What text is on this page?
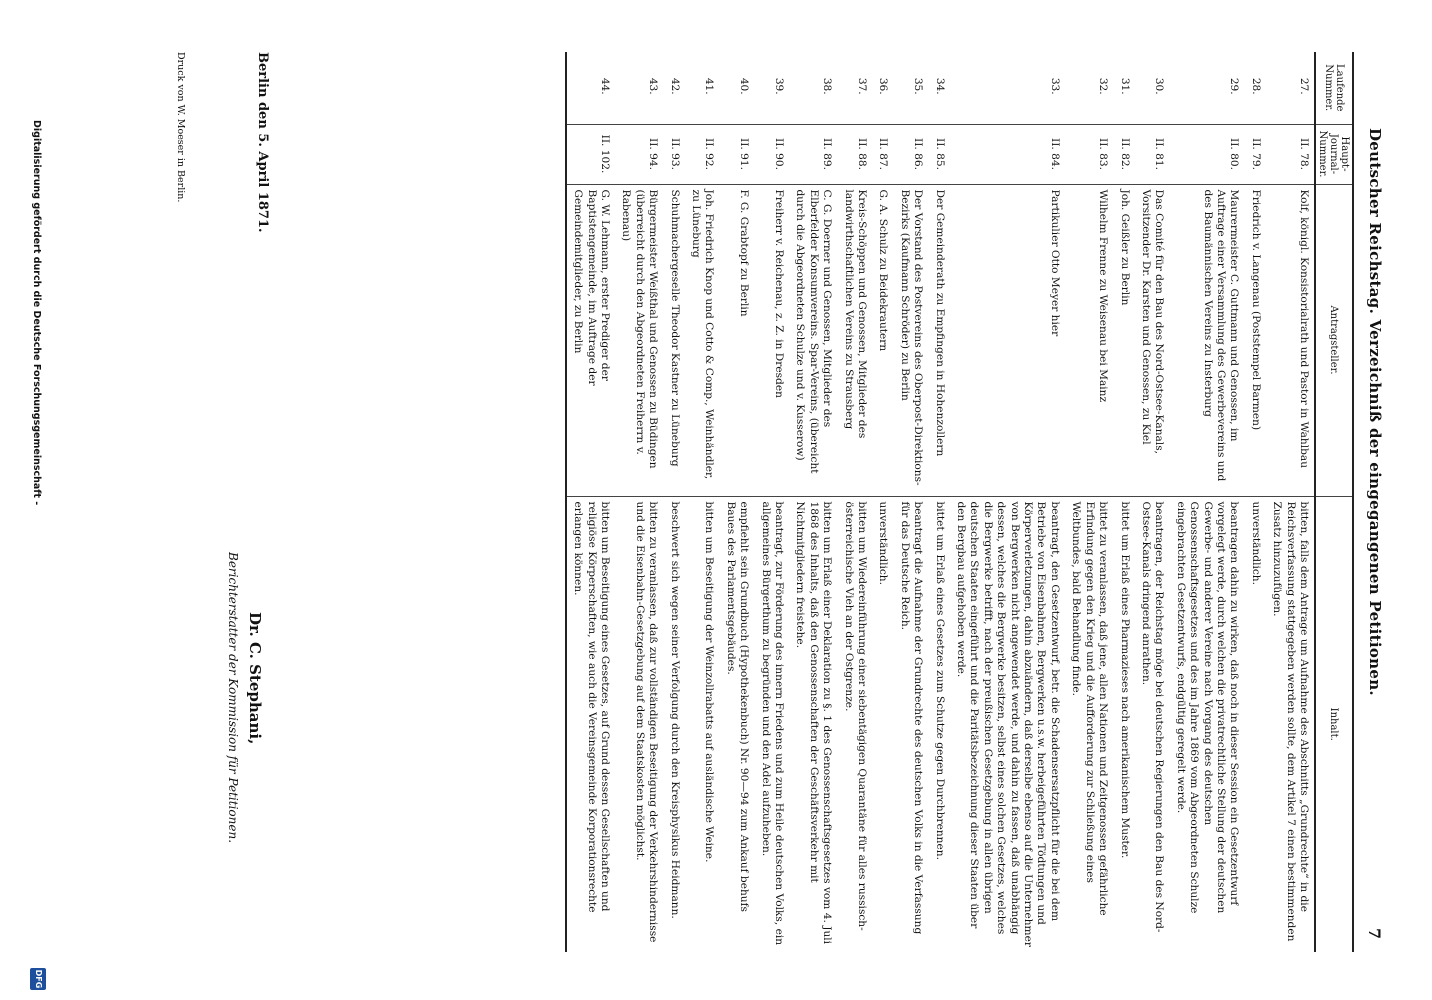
Deutscher Reichstag. Verzeichniß der eingegangenen Petitionen.
7
Laufende Nummer.	Haupt-Journal-Nummer.	Antragsteller.	Inhalt.

27.	II. 78.	Kolf, königl. Konsistorialrath und Pastor in Wahlbau	bitten, falls dem Antrage um Aufnahme des Abschnitts „Grundrechte“ in die Reichsverfassung stattgegeben werden sollte, dem Artikel 7 einen bestimmenden Zusatz hinzuzufügen.
28.	II. 79.	Friedrich v. Langenau (Poststempel Barmen)	unverständlich.
29.	II. 80.	Maurermeister C. Guttmann und Genossen, im Auftrage einer Versammlung des Gewerbevereins und des Baumännischen Vereins zu Insterburg	beantragen dahin zu wirken, daß noch in dieser Session ein Gesetzentwurf vorgelegt werde, durch welchen die privatrechtliche Stellung der deutschen Gewerbe- und anderer Vereine nach Vorgang des deutschen Genossenschaftsgesetzes und des im Jahre 1869 vom Abgeordneten Schulze eingebrachten Gesetzentwurfs, endgültig geregelt werde.
30.	II. 81.	Das Comité für den Bau des Nord-Ostsee-Kanals, Vorsitzender Dr. Karsten und Genossen, zu Kiel	beantragen, der Reichstag möge bei deutschen Regierungen den Bau des Nord-Ostsee-Kanals dringend anrathen.
31.	II. 82.	Joh. Geißler zu Berlin	bittet um Erlaß eines Pharmazieses nach amerikanischem Muster.
32.	II. 83.	Wilhelm Frenne zu Weisenau bei Mainz	bittet zu veranlassen, daß jene, allen Nationen und Zeitgenossen gefährliche Erfindung gegen den Krieg und die Aufforderung zur Schließung eines Weltbundes, bald Behandlung finde.
33.	II. 84.	Partikulier Otto Meyer hier	beantragt, den Gesetzentwurf, betr. die Schadensersatzpflicht für die bei dem Betriebe von Eisenbahnen, Bergwerken u.s.w. herbeigeführten Tödtungen und Körperverletzungen, dahin abzuändern, daß derselbe ebenso auf die Unternehmer von Bergwerken nicht angewendet werde, und dahin zu fassen, daß unabhängig dessen, welches die Bergwerke besitzen, selbst eines solchen Gesetzes, welches die Bergwerke betrifft, nach der preußischen Gesetzgebung in allen übrigen deutschen Staaten eingeführt und die Paritätsbezeichnung dieser Staaten über den Bergbau aufgehoben werde.
34.	II. 85.	Der Gemeinderath zu Empfingen in Hohenzollern	bittet um Erlaß eines Gesetzes zum Schutze gegen Durchbrennen.
35.	II. 86.	Der Vorstand des Postvereins des Oberpost-Direktions-Bezirks (Kaufmann Schröder) zu Berlin	beantragt die Aufnahme der Grundrechte des deutschen Volks in die Verfassung für das Deutsche Reich.
36.	II. 87.	G. A. Schulz zu Beidekrautern	unverständlich.
37.	II. 88.	Kreis-Schöppen und Genossen, Mitglieder des landwirthschaftlichen Vereins zu Strausberg	bitten um Wiedereinführung einer siebentägigen Quarantäne für alles russisch-österreichische Vieh an der Ostgrenze.
38.	II. 89.	C. G. Doerner und Genossen, Mitglieder des Elberfelder Konsumvereins. Spar-Vereins, (übereicht durch die Abgeordneten Schulze und v. Kusserow)	bitten um Erlaß einer Deklaration zu §. 1 des Genossenschaftsgesetzes vom 4. Juli 1868 des Inhalts, daß den Genossenschaften der Geschäftsverkehr mit Nichtmitgliedern freistehe.
39.	II. 90.	Freiherr v. Reichenau, z. Z. in Dresden	beantragt, zur Förderung des innern Friedens und zum Heile deutschen Volks, ein allgemeines Bürgerthum zu begründen und den Adel aufzuheben.
40.	II. 91.	F. G. Grabtopf zu Berlin	empfiehlt sein Grundbuch (Hypothekenbuch) Nr. 90—94 zum Ankauf behufs Baues des Parlamentsgebäudes.
41.	II. 92.	Joh. Friedrich Knop und Cotto & Comp., Weinhändler, zu Lüneburg	bitten um Beseitigung der Weinzollrabatts auf ausländische Weine.
42.	II. 93.	Schuhmachergeselle Theodor Kastner zu Lüneburg	beschwert sich wegen seiner Verfolgung durch den Kreisphysikus Heidmann.
43.	II. 94.	Bürgermeister Weißthal und Genossen zu Büdingen (überreicht durch den Abgeordneten Freiherrn v. Rabenau)	bitten zu veranlassen, daß zur vollständigen Beseitigung der Verkehrshindernisse und die Eisenbahn-Gesetzgebung auf dem Staatskosten möglichst.
44.	II. 102.	G. W. Lehmann, erster Prediger der Baptistengemeinde, im Auftrage der Gemeindemitglieder, zu Berlin	bitten um Beseitigung eines Gesetzes, auf Grund dessen Gesellschaften und religiöse Körperschaften, wie auch die Vereinsgemeinde Korporationsrechte erlangen können.
Berlin den 5. April 1871.
Dr. C. Stephani,
Berichterstatter der Kommission für Petitionen.
Druck von W. Moeser in Berlin.
Digitalisierung gefördert durch die Deutsche Forschungsgemeinschaft -
DFG
